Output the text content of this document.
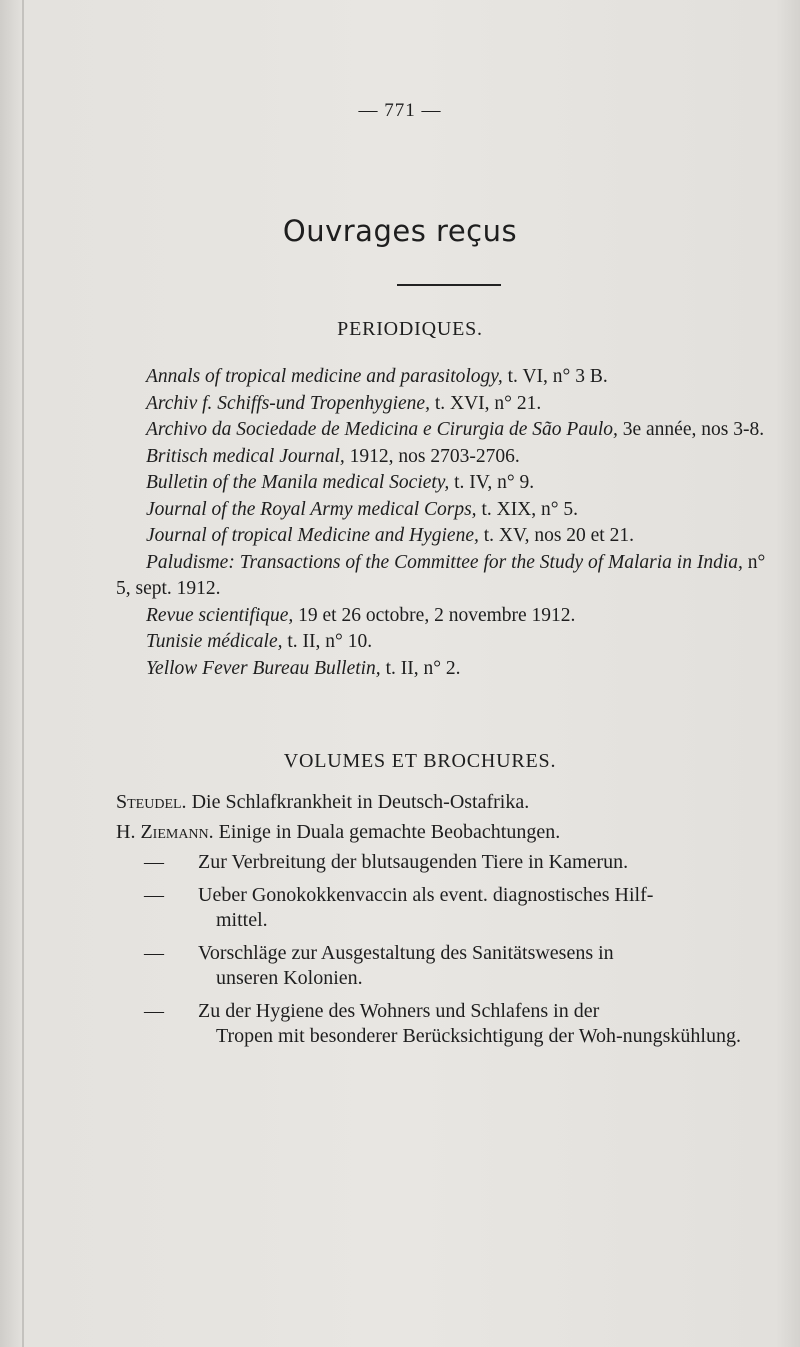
— 771 —
Ouvrages reçus
PERIODIQUES.

Annals of tropical medicine and parasitology, t. VI, n° 3 B.

Archiv f. Schiffs-und Tropenhygiene, t. XVI, n° 21.

Archivo da Sociedade de Medicina e Cirurgia de São Paulo, 3e année, nos 3-8.

Britisch medical Journal, 1912, nos 2703-2706.

Bulletin of the Manila medical Society, t. IV, n° 9.

Journal of the Royal Army medical Corps, t. XIX, n° 5.

Journal of tropical Medicine and Hygiene, t. XV, nos 20 et 21.

Paludisme: Transactions of the Committee for the Study of Malaria in India, n° 5, sept. 1912.

Revue scientifique, 19 et 26 octobre, 2 novembre 1912.

Tunisie médicale, t. II, n° 10.

Yellow Fever Bureau Bulletin, t. II, n° 2.

VOLUMES ET BROCHURES.

Steudel. Die Schlafkrankheit in Deutsch-Ostafrika.

H. Ziemann. Einige in Duala gemachte Beobachtungen.

—	Zur Verbreitung der blutsaugenden Tiere in Kamerun.
—	Ueber Gonokokkenvaccin als event. diagnostisches Hilf-
mittel.
—	Vorschläge zur Ausgestaltung des Sanitätswesens in
unseren Kolonien.
—	Zu der Hygiene des Wohners und Schlafens in der
Tropen mit besonderer Berücksichtigung der Woh-nungskühlung.
